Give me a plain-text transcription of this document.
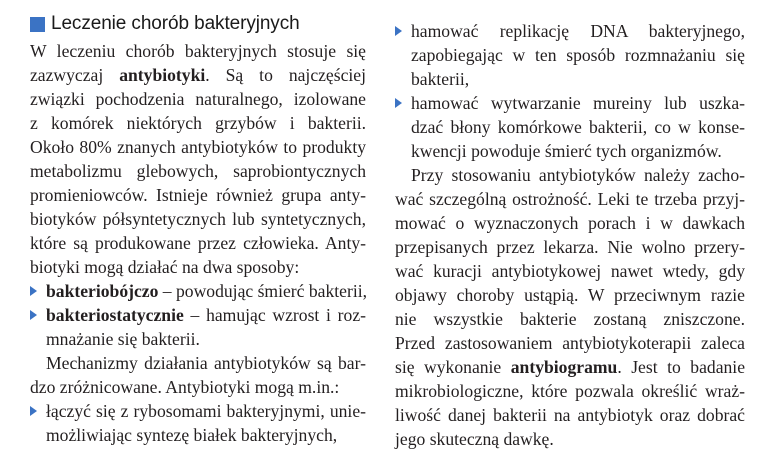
Leczenie chorób bakteryjnych
W leczeniu chorób bakteryjnych stosuje się
zazwyczaj antybiotyki. Są to najczęściej
związki pochodzenia naturalnego, izolowane
z komórek niektórych grzybów i bakterii.
Około 80% znanych antybiotyków to produkty
metabolizmu glebowych, saprobiontycznych
promieniowców. Istnieje również grupa anty-
biotyków półsyntetycznych lub syntetycznych,
które są produkowane przez człowieka. Anty-
biotyki mogą działać na dwa sposoby:
bakteriobójczo – powodując śmierć bakterii,
bakteriostatycznie – hamując wzrost i roz-
mnażanie się bakterii.
Mechanizmy działania antybiotyków są bar-
dzo zróżnicowane. Antybiotyki mogą m.in.:
łączyć się z rybosomami bakteryjnymi, unie-
możliwiając syntezę białek bakteryjnych,
hamować replikację DNA bakteryjnego,
zapobiegając w ten sposób rozmnażaniu się
bakterii,
hamować wytwarzanie mureiny lub uszka-
dzać błony komórkowe bakterii, co w konse-
kwencji powoduje śmierć tych organizmów.
Przy stosowaniu antybiotyków należy zacho-
wać szczególną ostrożność. Leki te trzeba przyj-
mować o wyznaczonych porach i w dawkach
przepisanych przez lekarza. Nie wolno przery-
wać kuracji antybiotykowej nawet wtedy, gdy
objawy choroby ustąpią. W przeciwnym razie
nie wszystkie bakterie zostaną zniszczone.
Przed zastosowaniem antybiotykoterapii zaleca
się wykonanie antybiogramu. Jest to badanie
mikrobiologiczne, które pozwala określić wraż-
liwość danej bakterii na antybiotyk oraz dobrać
jego skuteczną dawkę.
